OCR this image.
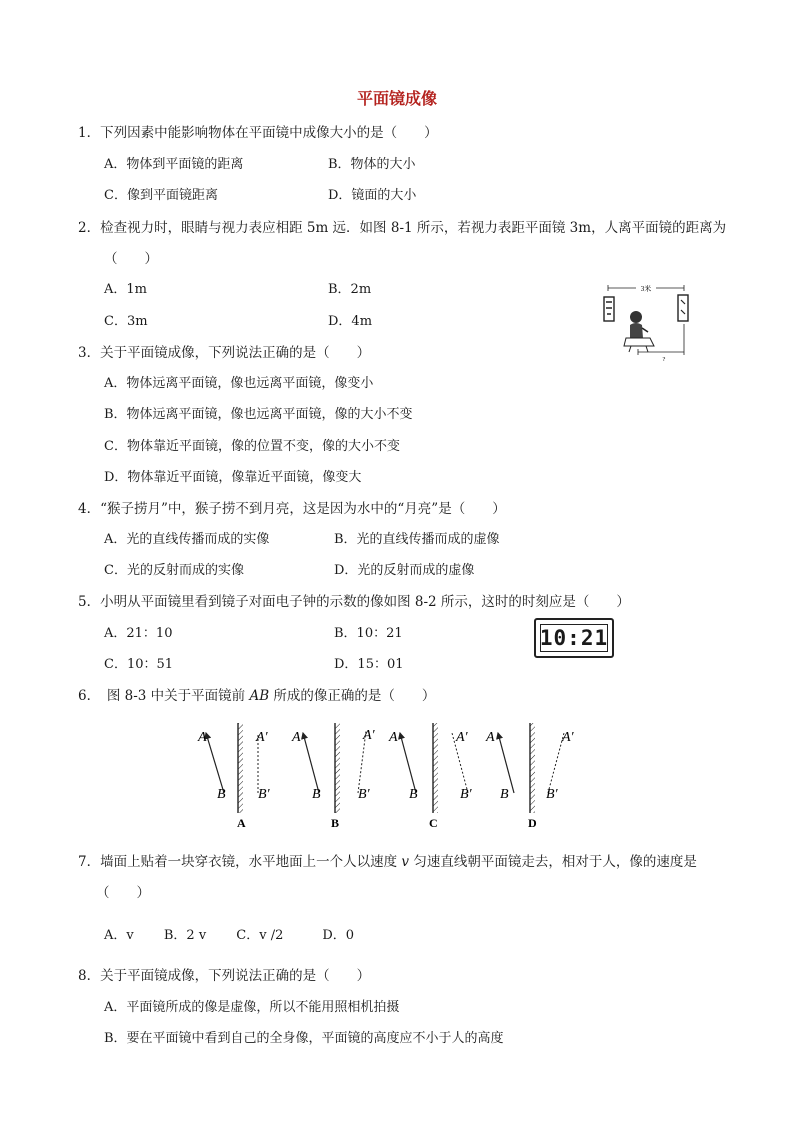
平面镜成像
1．下列因素中能影响物体在平面镜中成像大小的是（　　）
A．物体到平面镜的距离	B．物体的大小
C．像到平面镜距离	D．镜面的大小
2．检查视力时，眼睛与视力表应相距 5m 远．如图 8-1 所示，若视力表距平面镜 3m，人离平面镜的距离为
（　　）
A．1m	B．2m
C．3m	D．4m
3米
?
3．关于平面镜成像，下列说法正确的是（　　）
A．物体远离平面镜，像也远离平面镜，像变小
B．物体远离平面镜，像也远离平面镜，像的大小不变
C．物体靠近平面镜，像的位置不变，像的大小不变
D．物体靠近平面镜，像靠近平面镜，像变大
4．“猴子捞月”中，猴子捞不到月亮，这是因为水中的“月亮”是（　　）
A．光的直线传播而成的实像	B．光的直线传播而成的虚像
C．光的反射而成的实像	D．光的反射而成的虚像
5．小明从平面镜里看到镜子对面电子钟的示数的像如图 8-2 所示，这时的时刻应是（　　）
A．21：10	B．10：21
C．10：51	D．15：01
10:21
6．　图 8-3 中关于平面镜前 AB 所成的像正确的是（　　）
A
B
A′
B′
A
A
B
A′
B′
B
A
B
A′
B′
C
A
B
A′
B′
D
7．墙面上贴着一块穿衣镜，水平地面上一个人以速度 v 匀速直线朝平面镜走去，相对于人，像的速度是
（　　）
A．v　　 B．2 v　　 C．v /2　　　D．0
8．关于平面镜成像，下列说法正确的是（　　）
A．平面镜所成的像是虚像，所以不能用照相机拍摄
B．要在平面镜中看到自己的全身像，平面镜的高度应不小于人的高度
